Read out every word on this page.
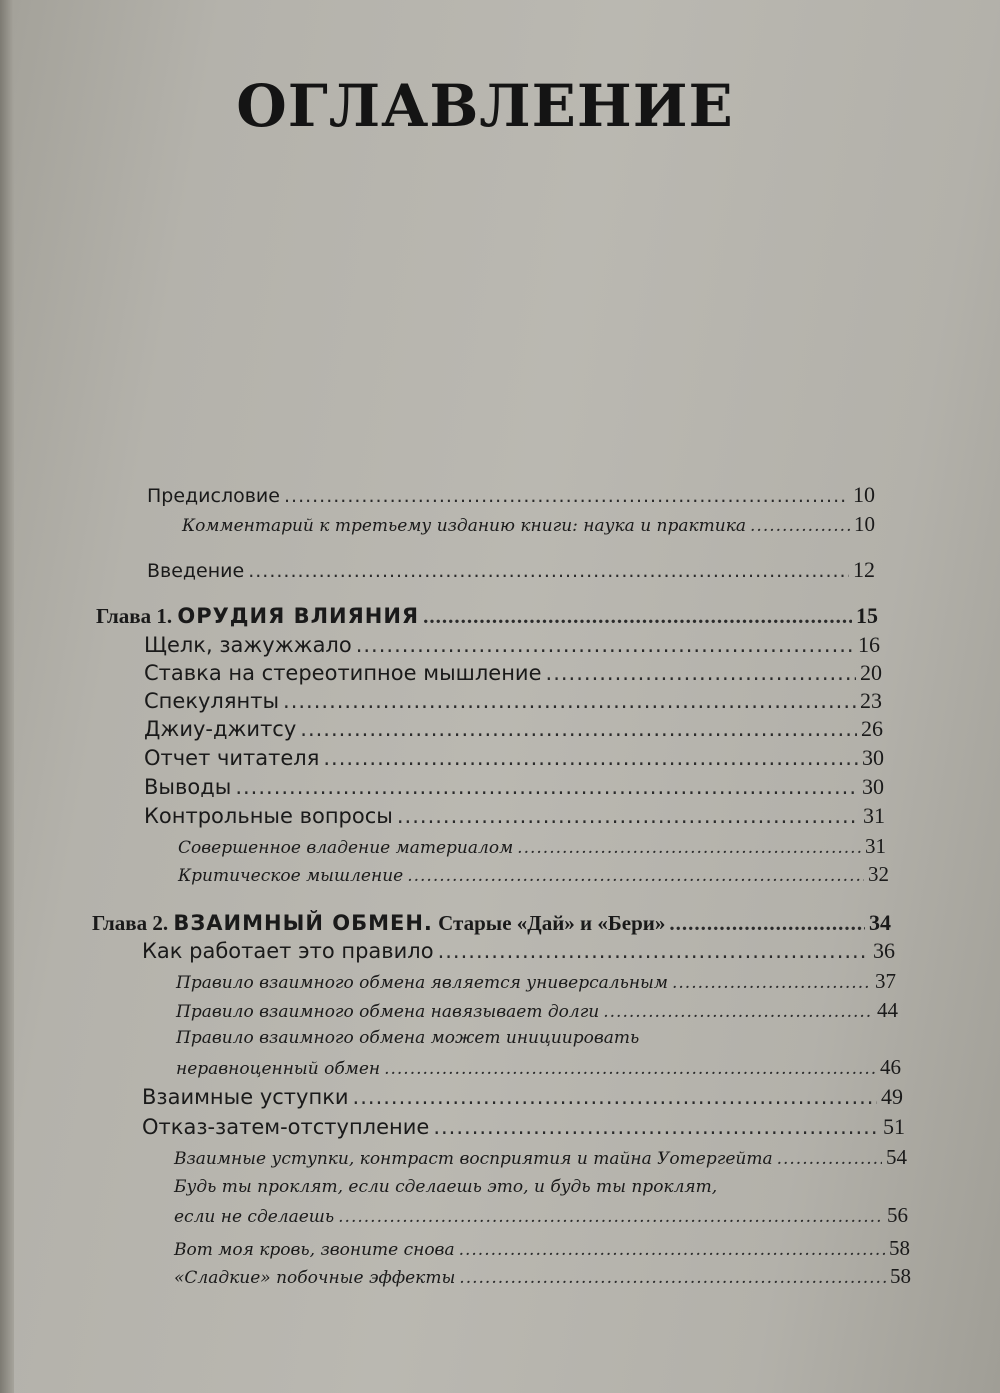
ОГЛАВЛЕНИЕ
Предисловие .....	10
Комментарий к третьему изданию книги: наука и практика .....	10
Введение .....	12
Глава 1. ОРУДИЯ ВЛИЯНИЯ .....	15
Щелк, зажужжало .....	16
Ставка на стереотипное мышление .....	20
Спекулянты .....	23
Джиу-джитсу .....	26
Отчет читателя .....	30
Выводы .....	30
Контрольные вопросы .....	31
Совершенное владение материалом .....	31
Критическое мышление .....	32
Глава 2. ВЗАИМНЫЙ ОБМЕН. Старые «Дай» и «Бери» .....	34
Как работает это правило .....	36
Правило взаимного обмена является универсальным .....	37
Правило взаимного обмена навязывает долги .....	44
Правило взаимного обмена может инициировать
неравноценный обмен .....	46
Взаимные уступки .....	49
Отказ-затем-отступление .....	51
Взаимные уступки, контраст восприятия и тайна Уотергейта .....	54
Будь ты проклят, если сделаешь это, и будь ты проклят,
если не сделаешь .....	56
Вот моя кровь, звоните снова .....	58
«Сладкие» побочные эффекты .....	58
